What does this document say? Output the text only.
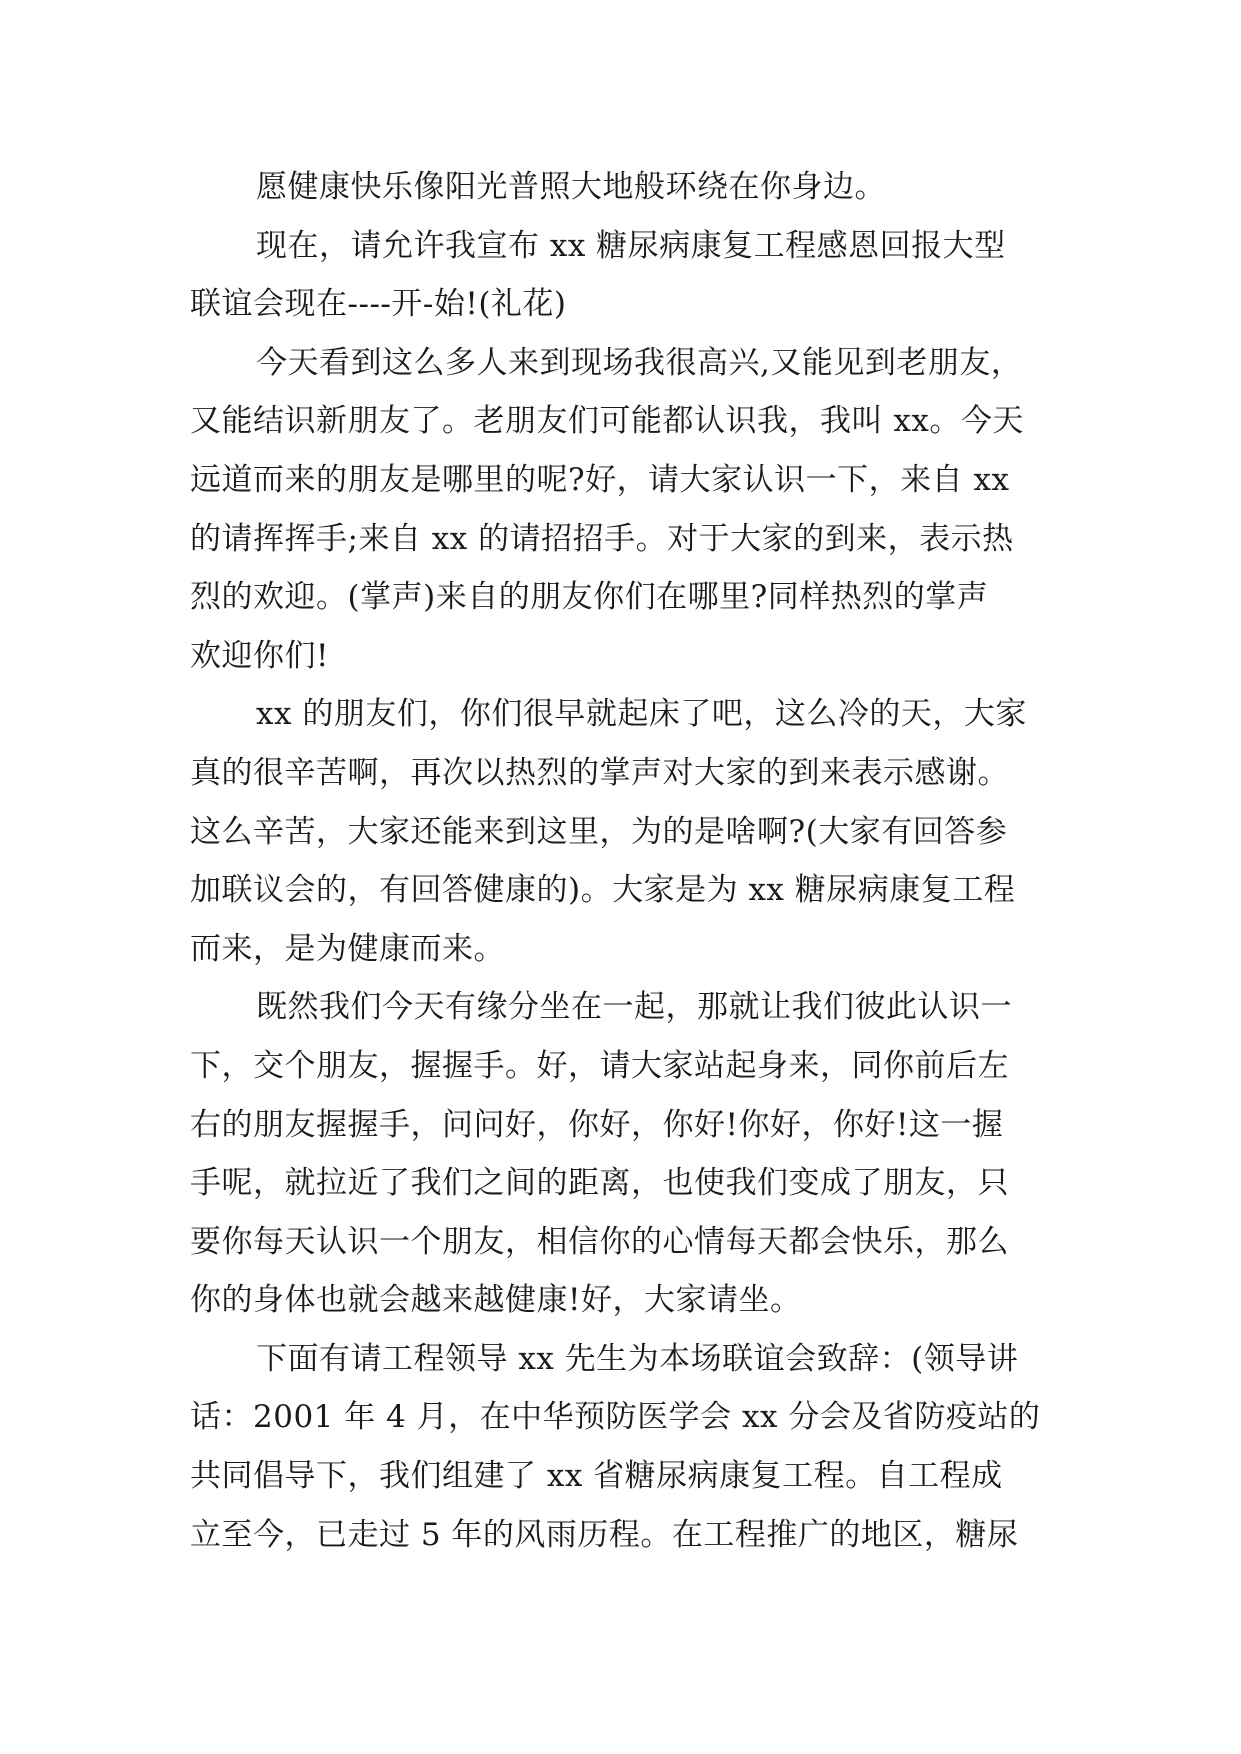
愿健康快乐像阳光普照大地般环绕在你身边。
现在，请允许我宣布 xx 糖尿病康复工程感恩回报大型
联谊会现在----开-始!(礼花)
今天看到这么多人来到现场我很高兴,又能见到老朋友，
又能结识新朋友了。老朋友们可能都认识我，我叫 xx。今天
远道而来的朋友是哪里的呢?好，请大家认识一下，来自 xx
的请挥挥手;来自 xx 的请招招手。对于大家的到来，表示热
烈的欢迎。(掌声)来自的朋友你们在哪里?同样热烈的掌声
欢迎你们!
xx 的朋友们，你们很早就起床了吧，这么冷的天，大家
真的很辛苦啊，再次以热烈的掌声对大家的到来表示感谢。
这么辛苦，大家还能来到这里，为的是啥啊?(大家有回答参
加联议会的，有回答健康的)。大家是为 xx 糖尿病康复工程
而来，是为健康而来。
既然我们今天有缘分坐在一起，那就让我们彼此认识一
下，交个朋友，握握手。好，请大家站起身来，同你前后左
右的朋友握握手，问问好，你好，你好!你好，你好!这一握
手呢，就拉近了我们之间的距离，也使我们变成了朋友，只
要你每天认识一个朋友，相信你的心情每天都会快乐，那么
你的身体也就会越来越健康!好，大家请坐。
下面有请工程领导 xx 先生为本场联谊会致辞：(领导讲
话：2001 年 4 月，在中华预防医学会 xx 分会及省防疫站的
共同倡导下，我们组建了 xx 省糖尿病康复工程。自工程成
立至今，已走过 5 年的风雨历程。在工程推广的地区，糖尿
